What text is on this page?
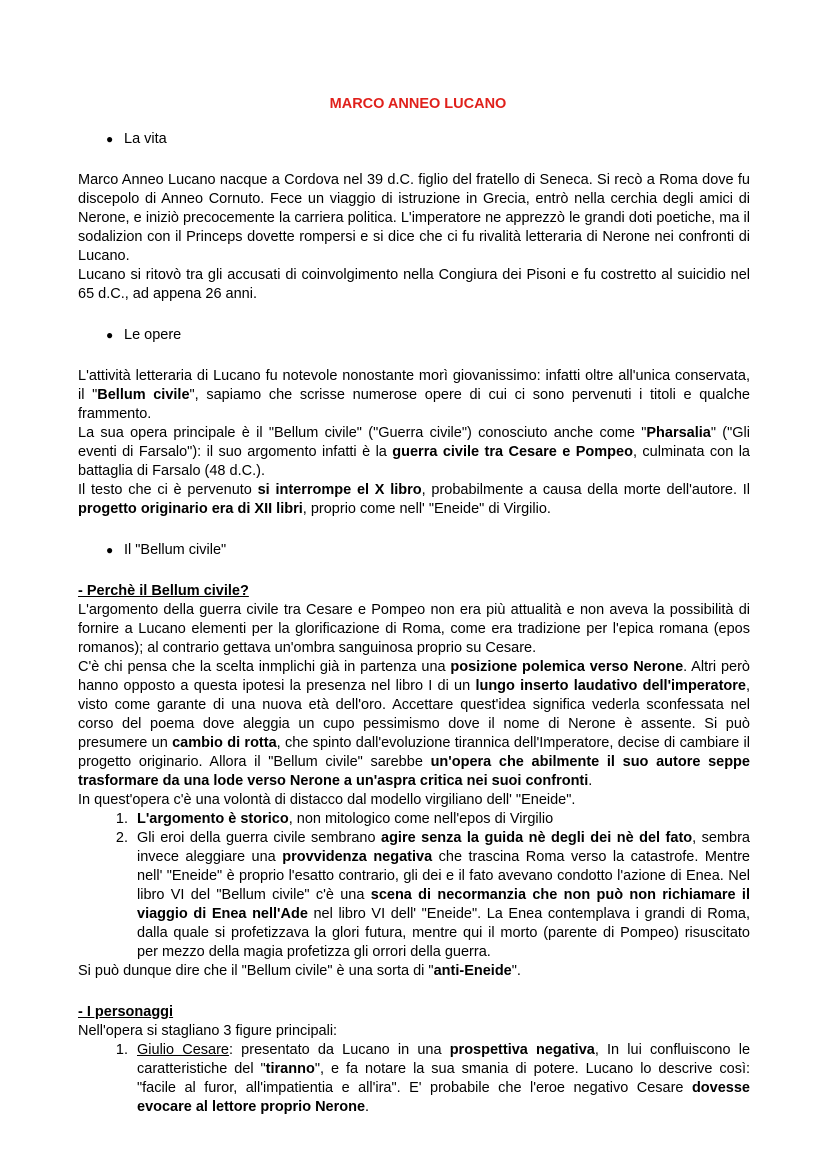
MARCO ANNEO LUCANO
● La vita

Marco Anneo Lucano nacque a Cordova nel 39 d.C. figlio del fratello di Seneca. Si recò a Roma dove fu discepolo di Anneo Cornuto. Fece un viaggio di istruzione in Grecia, entrò nella cerchia degli amici di Nerone, e iniziò precocemente la carriera politica. L'imperatore ne apprezzò le grandi doti poetiche, ma il sodalizion con il Princeps dovette rompersi e si dice che ci fu rivalità letteraria di Nerone nei confronti di Lucano.

Lucano si ritovò tra gli accusati di coinvolgimento nella Congiura dei Pisoni e fu costretto al suicidio nel 65 d.C., ad appena 26 anni.

● Le opere

L'attività letteraria di Lucano fu notevole nonostante morì giovanissimo: infatti oltre all'unica conservata, il "Bellum civile", sapiamo che scrisse numerose opere di cui ci sono pervenuti i titoli e qualche frammento.

La sua opera principale è il "Bellum civile" ("Guerra civile") conosciuto anche come "Pharsalia" ("Gli eventi di Farsalo"): il suo argomento infatti è la guerra civile tra Cesare e Pompeo, culminata con la battaglia di Farsalo (48 d.C.).

Il testo che ci è pervenuto si interrompe el X libro, probabilmente a causa della morte dell'autore. Il progetto originario era di XII libri, proprio come nell' "Eneide" di Virgilio.

● Il "Bellum civile"

- Perchè il Bellum civile?

L'argomento della guerra civile tra Cesare e Pompeo non era più attualità e non aveva la possibilità di fornire a Lucano elementi per la glorificazione di Roma, come era tradizione per l'epica romana (epos romanos); al contrario gettava un'ombra sanguinosa proprio su Cesare.

C'è chi pensa che la scelta inmplichi già in partenza una posizione polemica verso Nerone. Altri però hanno opposto a questa ipotesi la presenza nel libro I di un lungo inserto laudativo dell'imperatore, visto come garante di una nuova età dell'oro. Accettare quest'idea significa vederla sconfessata nel corso del poema dove aleggia un cupo pessimismo dove il nome di Nerone è assente. Si può presumere un cambio di rotta, che spinto dall'evoluzione tirannica dell'Imperatore, decise di cambiare il progetto originario. Allora il "Bellum civile" sarebbe un'opera che abilmente il suo autore seppe trasformare da una lode verso Nerone a un'aspra critica nei suoi confronti.

In quest'opera c'è una volontà di distacco dal modello virgiliano dell' "Eneide".

1. L'argomento è storico, non mitologico come nell'epos di Virgilio
2. Gli eroi della guerra civile sembrano agire senza la guida nè degli dei nè del fato, sembra invece aleggiare una provvidenza negativa che trascina Roma verso la catastrofe. Mentre nell' "Eneide" è proprio l'esatto contrario, gli dei e il fato avevano condotto l'azione di Enea. Nel libro VI del "Bellum civile" c'è una scena di necormanzia che non può non richiamare il viaggio di Enea nell'Ade nel libro VI dell' "Eneide". La Enea contemplava i grandi di Roma, dalla quale si profetizzava la glori futura, mentre qui il morto (parente di Pompeo) risuscitato per mezzo della magia profetizza gli orrori della guerra.

Si può dunque dire che il "Bellum civile" è una sorta di "anti-Eneide".

- I personaggi

Nell'opera si stagliano 3 figure principali:

1. Giulio Cesare: presentato da Lucano in una prospettiva negativa, In lui confluiscono le caratteristiche del "tiranno", e fa notare la sua smania di potere. Lucano lo descrive così: "facile al furor, all'impatientia e all'ira". E' probabile che l'eroe negativo Cesare dovesse evocare al lettore proprio Nerone.
